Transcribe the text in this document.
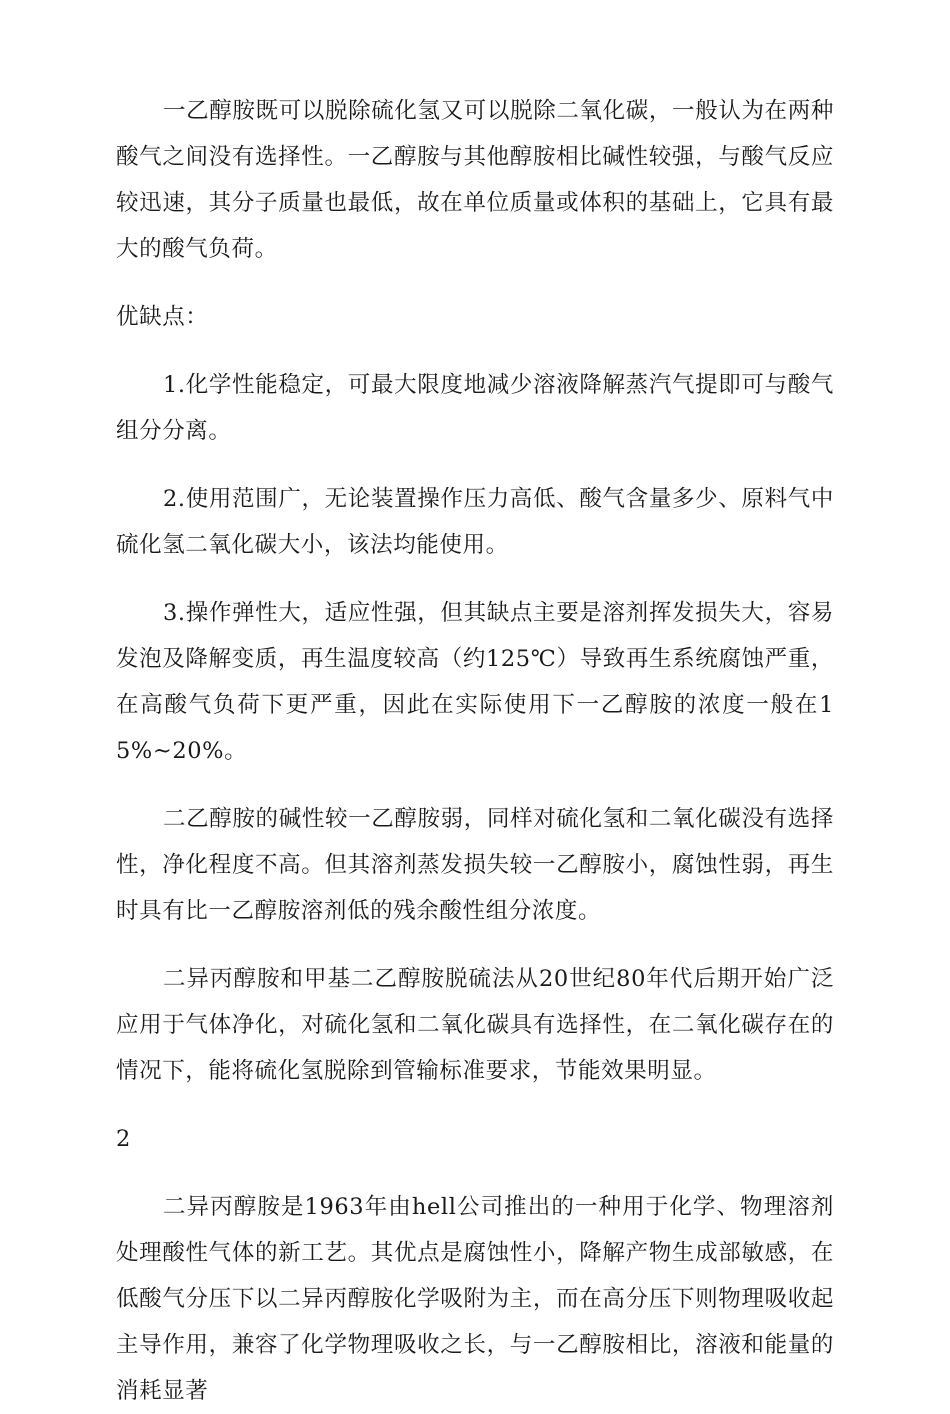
一乙醇胺既可以脱除硫化氢又可以脱除二氧化碳，一般认为在两种酸气之间没有选择性。一乙醇胺与其他醇胺相比碱性较强，与酸气反应较迅速，其分子质量也最低，故在单位质量或体积的基础上，它具有最大的酸气负荷。

优缺点：

1.化学性能稳定，可最大限度地减少溶液降解蒸汽气提即可与酸气组分分离。

2.使用范围广，无论装置操作压力高低、酸气含量多少、原料气中硫化氢二氧化碳大小，该法均能使用。

3.操作弹性大，适应性强，但其缺点主要是溶剂挥发损失大，容易发泡及降解变质，再生温度较高（约125℃）导致再生系统腐蚀严重，在高酸气负荷下更严重，因此在实际使用下一乙醇胺的浓度一般在15%~20%。

二乙醇胺的碱性较一乙醇胺弱，同样对硫化氢和二氧化碳没有选择性，净化程度不高。但其溶剂蒸发损失较一乙醇胺小，腐蚀性弱，再生时具有比一乙醇胺溶剂低的残余酸性组分浓度。

二异丙醇胺和甲基二乙醇胺脱硫法从20世纪80年代后期开始广泛应用于气体净化，对硫化氢和二氧化碳具有选择性，在二氧化碳存在的情况下，能将硫化氢脱除到管输标准要求，节能效果明显。

2

二异丙醇胺是1963年由hell公司推出的一种用于化学、物理溶剂处理酸性气体的新工艺。其优点是腐蚀性小，降解产物生成部敏感，在低酸气分压下以二异丙醇胺化学吸附为主，而在高分压下则物理吸收起主导作用，兼容了化学物理吸收之长，与一乙醇胺相比，溶液和能量的消耗显著
